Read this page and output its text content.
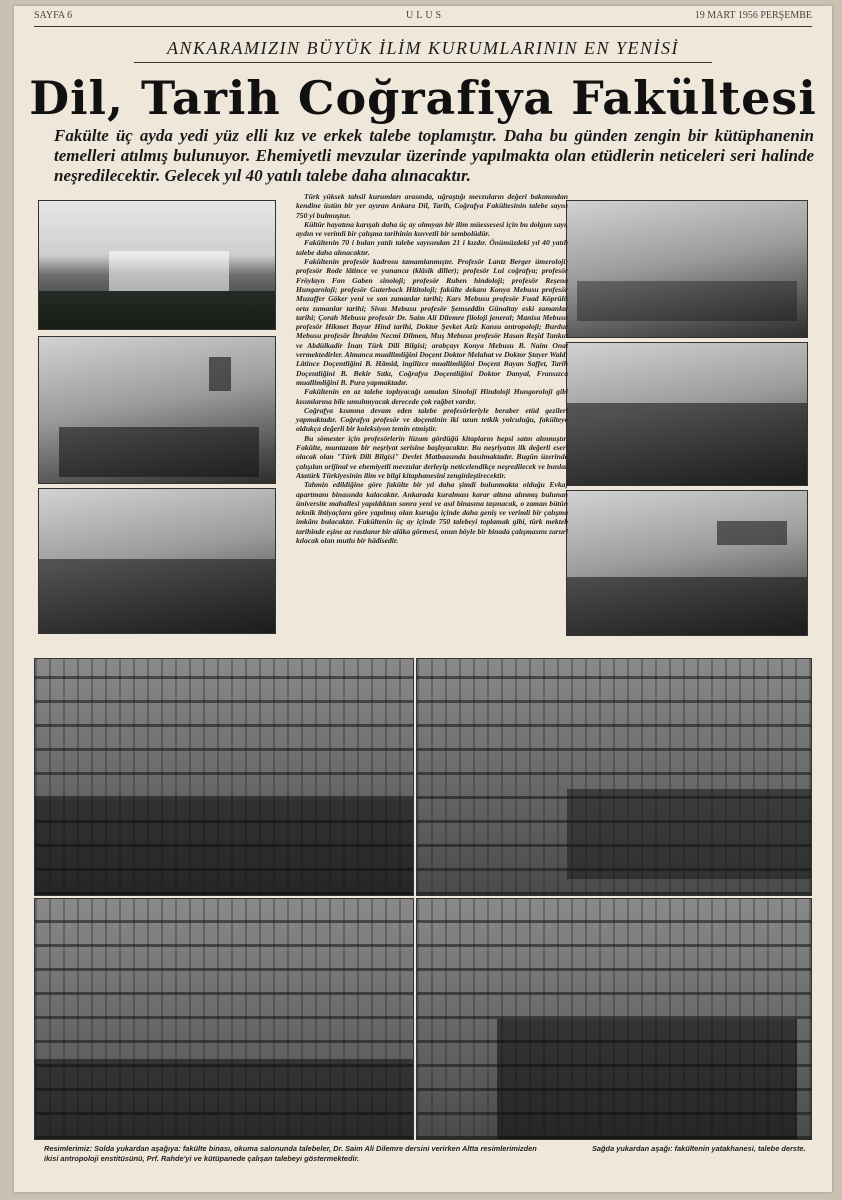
SAYFA 6	ULUS	19 MART 1956 PERŞEMBE
ANKARAMIZIN BÜYÜK İLİM KURUMLARININ EN YENİSİ
Dil, Tarih Coğrafiya Fakültesi
Fakülte üç ayda yedi yüz elli kız ve erkek talebe toplamıştır. Daha bu günden zengin bir kütüphanenin temelleri atılmış bulunuyor. Ehemiyetli mevzular üzerinde yapılmakta olan etüdlerin neticeleri seri halinde neşredilecektir. Gelecek yıl 40 yatılı talebe daha alınacaktır.

Türk yüksek tahsil kurumları arasında, uğraştığı mevzuların değeri bakımından kendine üstün bir yer ayıran Ankara Dil, Tarih, Coğrafya Fakültesinin talebe sayısı 750 yi bulmuştur.

Kültür hayatına karışalı daha üç ay olmıyan bir ilim müessesesi için bu dolgun sayı, aydın ve verimli bir çalışma tarihinin kuvvetli bir sembolüdür.

Fakültenin 70 i bulan yatılı talebe sayısından 21 i kızdır. Önümüzdeki yıl 40 yatılı talebe daha alınacaktır.

Fakültenin profesör kadrosu tamamlanmıştır. Profesör Lantz Berger ümeroloji; profesör Rode lâtince ve yunanca (klâsik diller); profesör Lui coğrafya; profesör Fröylayn Fon Gaben sinoloji; profesör Ruben hindoloji; profesör Reşena Hungaroloji; profesör Guterbock Hititoloji; fakülte dekanı Konya Mebusu profesör Muzaffer Göker yeni ve son zamanlar tarihi; Kars Mebusu profesör Fuad Köprülü orta zamanlar tarihi; Sivas Mebusu profesör Şemseddin Günaltay eski zamanlar tarihi; Çorah Mebusu profesör Dr. Saim Ali Dilemre filoloji jeneral; Manisa Mebusu profesör Hikmet Bayur Hind tarihi, Doktor Şevket Aziz Kansu antropoloji; Burdur Mebusu profesör İbrahim Necmi Dilmen, Muş Mebusu profesör Hasan Reşid Tankut ve Abdülkadir İnan Türk Dili Bilgisi; arabçayı Konya Mebusu B. Naim Onat vermektedirler. Almanca muallimliğini Doçent Doktor Melahat ve Doktor Ştayer Wald; Lâtince Doçentliğini B. Hâmid, ingilizce muallimliğini Doçent Bayan Saffet, Tarih Doçentliğini B. Bekir Sıtkı, Coğrafya Doçentliğini Doktor Danyal, Fransızca muallimliğini B. Pura yapmaktadır.

Fakültenin en az talebe toplıyacağı umulan Sinoloji Hindoloji Hungoroloji gibi kısımlarına bile umulmıyacak derecede çok rağbet vardır.

Coğrafya kısmına devam eden talebe profesörleriyle beraber etüd gezileri yapmaktadır. Coğrafya profesör ve doçentinin iki uzun tetkik yolculuğu, fakülteye oldukça değerli bir koleksiyon temin etmiştir.

Bu sömester için profesörlerin lüzum gördüğü kitapların hepsi satın alınmıştır. Fakülte, muntazam bir neşriyat serisine başlıyacaktır. Bu neşriyatın ilk değerli eseri olacak olan "Türk Dili Bilgisi" Devlet Matbaasında basılmaktadır. Bugün üzerinde çalışılan orijinal ve ehemiyetli mevzular derleyip neticelendikçe neşredilecek ve bunlar Atatürk Türkiyesinin ilim ve bilgi kitaphanesini zenginleştirecektir.

Tahmin edildiğine göre fakülte bir yıl daha şimdi bulunmakta olduğu Evkaf apartmanı binasında kalacaktır. Ankarada kuralması karar altına alınmış bulunan üniversite mahallesi yapıldıktan sonra yeni ve asıl binasına taşınacak, o zaman bütün teknik ihtiyaçlara göre yapılmış olan kuruğu içinde daha geniş ve verimli bir çalışma imkânı bulacaktır. Fakültenin üç ay içinde 750 talebeyi toplamak gibi, türk mekteb tarihinde eşine az rastlanır bir alâka görmesi, onun böyle bir binada çalışmasını zaruri kılacak olan mutlu bir hâdisedir.

Resimlerimiz: Solda yukardan aşağıya: fakülte binası, okuma salonunda talebeler, Dr. Saim Ali Dilemre dersini verirken Altta resimlerimizden ikisi antropoloji enstitüsünü, Prf. Rahde'yi ve kütüpanede çalışan talebeyi göstermektedir.
Sağda yukardan aşağı: fakültenin yatakhanesi, talebe derste.
